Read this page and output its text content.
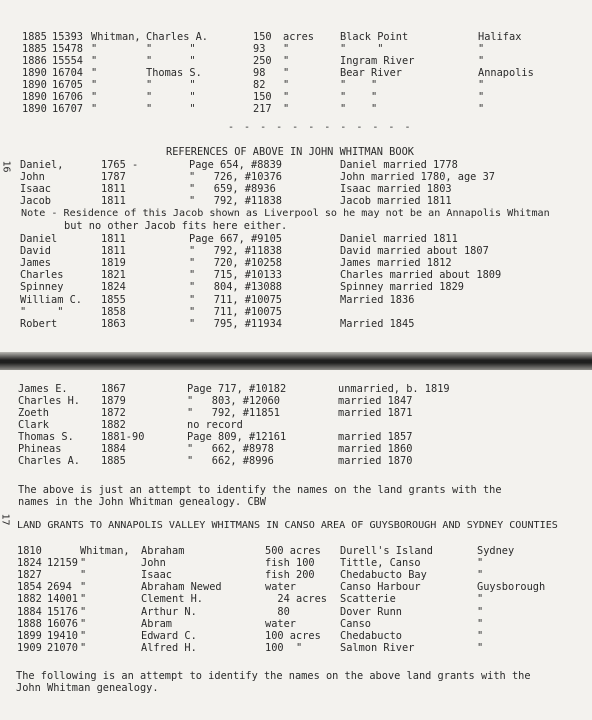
16
1885 15393 Whitman, Charles A.	150 acres	Black Point	Halifax
1885 15478 "	"      "	93 "	"     "	"
1886 15554 "	"      "	250 "	Ingram River	"
1890 16704 "	Thomas S.	98 "	Bear River	Annapolis
1890 16705 "	"      "	82 "	"    "	"
1890 16706 "	"      "	150 "	"    "	"
1890 16707 "	"      "	217 "	"    "	"
- - - - - - - - - - - -
REFERENCES OF ABOVE IN JOHN WHITMAN BOOK
Daniel,	1765 -	Page 654, #8839	Daniel married 1778
John	1787	"   726, #10376	John married 1780, age 37
Isaac	1811	"   659, #8936	Isaac married 1803
Jacob	1811	"   792, #11838	Jacob married 1811
Note - Residence of this Jacob shown as Liverpool so he may not be an Annapolis Whitman
but no other Jacob fits here either.
Daniel	1811	Page 667, #9105	Daniel married 1811
David	1811	"   792, #11838	David married about 1807
James	1819	"   720, #10258	James married 1812
Charles	1821	"   715, #10133	Charles married about 1809
Spinney	1824	"   804, #13088	Spinney married 1829
William C. 1855	"   711, #10075	Married 1836
"     "	1858	"   711, #10075
Robert	1863	"   795, #11934	Married 1845
17
James E.	1867	Page 717, #10182	unmarried, b. 1819
Charles H. 1879	"   803, #12060	married 1847
Zoeth	1872	"   792, #11851	married 1871
Clark	1882	no record
Thomas S.	1881-90	Page 809, #12161	married 1857
Phineas	1884	"   662, #8978	married 1860
Charles A. 1885	"   662, #8996	married 1870
The above is just an attempt to identify the names on the land grants with the
names in the John Whitman genealogy. CBW
LAND GRANTS TO ANNAPOLIS VALLEY WHITMANS IN CANSO AREA OF GUYSBOROUGH AND SYDNEY COUNTIES
1810	Whitman, Abraham	500 acres Durell's Island	Sydney
1824 12159 "	John	fish 100 Tittle, Canso	"
1827	"	Isaac	fish 200 Chedabucto Bay	"
1854 2694 "	Abraham Newed	water	Canso Harbour	Guysborough
1882 14001 "	Clement H.	24 acres Scatterie	"
1884 15176 "	Arthur N.	80	Dover Runn	"
1888 16076 "	Abram	water	Canso	"
1899 19410 "	Edward C.	100 acres Chedabucto	"
1909 21070 "	Alfred H.	100  "	Salmon River	"
The following is an attempt to identify the names on the above land grants with the
John Whitman genealogy.
